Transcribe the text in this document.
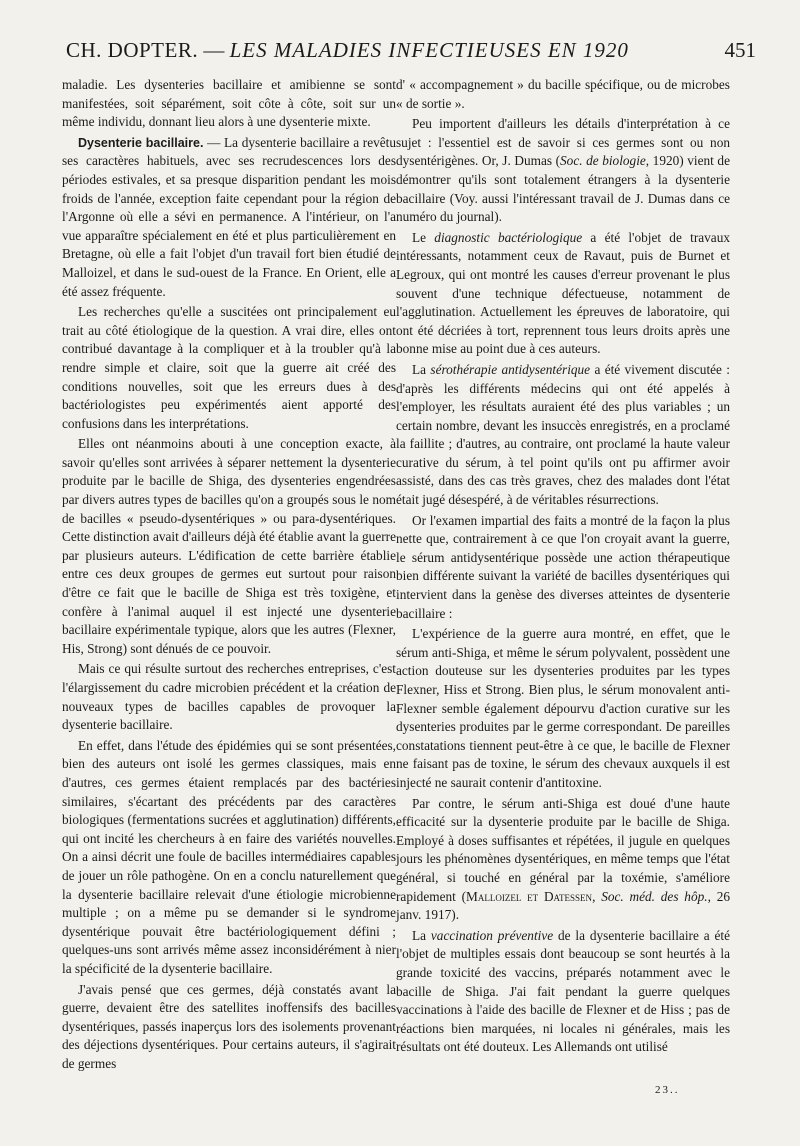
CH. DOPTER. — LES MALADIES INFECTIEUSES EN 1920	451

maladie. Les dysenteries bacillaire et amibienne se sont manifestées, soit séparément, soit côte à côte, soit sur un même individu, donnant lieu alors à une dysenterie mixte.

Dysenterie bacillaire. — La dysenterie bacillaire a revêtu ses caractères habituels, avec ses recrudescences lors des périodes estivales, et sa presque disparition pendant les mois froids de l'année, exception faite cependant pour la région de l'Argonne où elle a sévi en permanence. A l'intérieur, on l'a vue apparaître spécialement en été et plus particulièrement en Bretagne, où elle a fait l'objet d'un travail fort bien étudié de Malloizel, et dans le sud-ouest de la France. En Orient, elle a été assez fréquente.

Les recherches qu'elle a suscitées ont principalement eu trait au côté étiologique de la question. A vrai dire, elles ont contribué davantage à la compliquer et à la troubler qu'à la rendre simple et claire, soit que la guerre ait créé des conditions nouvelles, soit que les erreurs dues à des bactériologistes peu expérimentés aient apporté des confusions dans les interprétations.

Elles ont néanmoins abouti à une conception exacte, à savoir qu'elles sont arrivées à séparer nettement la dysenterie produite par le bacille de Shiga, des dysenteries engendrées par divers autres types de bacilles qu'on a groupés sous le nom de bacilles « pseudo-dysentériques » ou para-dysentériques. Cette distinction avait d'ailleurs déjà été établie avant la guerre par plusieurs auteurs. L'édification de cette barrière établie entre ces deux groupes de germes eut surtout pour raison d'être ce fait que le bacille de Shiga est très toxigène, et confère à l'animal auquel il est injecté une dysenterie bacillaire expérimentale typique, alors que les autres (Flexner, His, Strong) sont dénués de ce pouvoir.

Mais ce qui résulte surtout des recherches entreprises, c'est l'élargissement du cadre microbien précédent et la création de nouveaux types de bacilles capables de provoquer la dysenterie bacillaire.

En effet, dans l'étude des épidémies qui se sont présentées, bien des auteurs ont isolé les germes classiques, mais en d'autres, ces germes étaient remplacés par des bactéries similaires, s'écartant des précédents par des caractères biologiques (fermentations sucrées et agglutination) différents, qui ont incité les chercheurs à en faire des variétés nouvelles. On a ainsi décrit une foule de bacilles intermédiaires capables de jouer un rôle pathogène. On en a conclu naturellement que la dysenterie bacillaire relevait d'une étiologie microbienne multiple ; on a même pu se demander si le syndrome dysentérique pouvait être bactériologiquement défini ; quelques-uns sont arrivés même assez inconsidérément à nier la spécificité de la dysenterie bacillaire.

J'avais pensé que ces germes, déjà constatés avant la guerre, devaient être des satellites inoffensifs des bacilles dysentériques, passés inaperçus lors des isolements provenant des déjections dysentériques. Pour certains auteurs, il s'agirait de germes

d' « accompagnement » du bacille spécifique, ou de microbes « de sortie ».

Peu importent d'ailleurs les détails d'interprétation à ce sujet : l'essentiel est de savoir si ces germes sont ou non dysentérigènes. Or, J. Dumas (Soc. de biologie, 1920) vient de démontrer qu'ils sont totalement étrangers à la dysenterie bacillaire (Voy. aussi l'intéressant travail de J. Dumas dans ce numéro du journal).

Le diagnostic bactériologique a été l'objet de travaux intéressants, notamment ceux de Ravaut, puis de Burnet et Legroux, qui ont montré les causes d'erreur provenant le plus souvent d'une technique défectueuse, notamment de l'agglutination. Actuellement les épreuves de laboratoire, qui ont été décriées à tort, reprennent tous leurs droits après une bonne mise au point due à ces auteurs.

La sérothérapie antidysentérique a été vivement discutée : d'après les différents médecins qui ont été appelés à l'employer, les résultats auraient été des plus variables ; un certain nombre, devant les insuccès enregistrés, en a proclamé la faillite ; d'autres, au contraire, ont proclamé la haute valeur curative du sérum, à tel point qu'ils ont pu affirmer avoir assisté, dans des cas très graves, chez des malades dont l'état était jugé désespéré, à de véritables résurrections.

Or l'examen impartial des faits a montré de la façon la plus nette que, contrairement à ce que l'on croyait avant la guerre, le sérum antidysentérique possède une action thérapeutique bien différente suivant la variété de bacilles dysentériques qui intervient dans la genèse des diverses atteintes de dysenterie bacillaire :

L'expérience de la guerre aura montré, en effet, que le sérum anti-Shiga, et même le sérum polyvalent, possèdent une action douteuse sur les dysenteries produites par les types Flexner, Hiss et Strong. Bien plus, le sérum monovalent anti-Flexner semble également dépourvu d'action curative sur les dysenteries produites par le germe correspondant. De pareilles constatations tiennent peut-être à ce que, le bacille de Flexner ne faisant pas de toxine, le sérum des chevaux auxquels il est injecté ne saurait contenir d'antitoxine.

Par contre, le sérum anti-Shiga est doué d'une haute efficacité sur la dysenterie produite par le bacille de Shiga. Employé à doses suffisantes et répétées, il jugule en quelques jours les phénomènes dysentériques, en même temps que l'état général, si touché en général par la toxémie, s'améliore rapidement (Malloizel et Datessen, Soc. méd. des hôp., 26 janv. 1917).

La vaccination préventive de la dysenterie bacillaire a été l'objet de multiples essais dont beaucoup se sont heurtés à la grande toxicité des vaccins, préparés notamment avec le bacille de Shiga. J'ai fait pendant la guerre quelques vaccinations à l'aide des bacille de Flexner et de Hiss ; pas de réactions bien marquées, ni locales ni générales, mais les résultats ont été douteux. Les Allemands ont utilisé

23..
